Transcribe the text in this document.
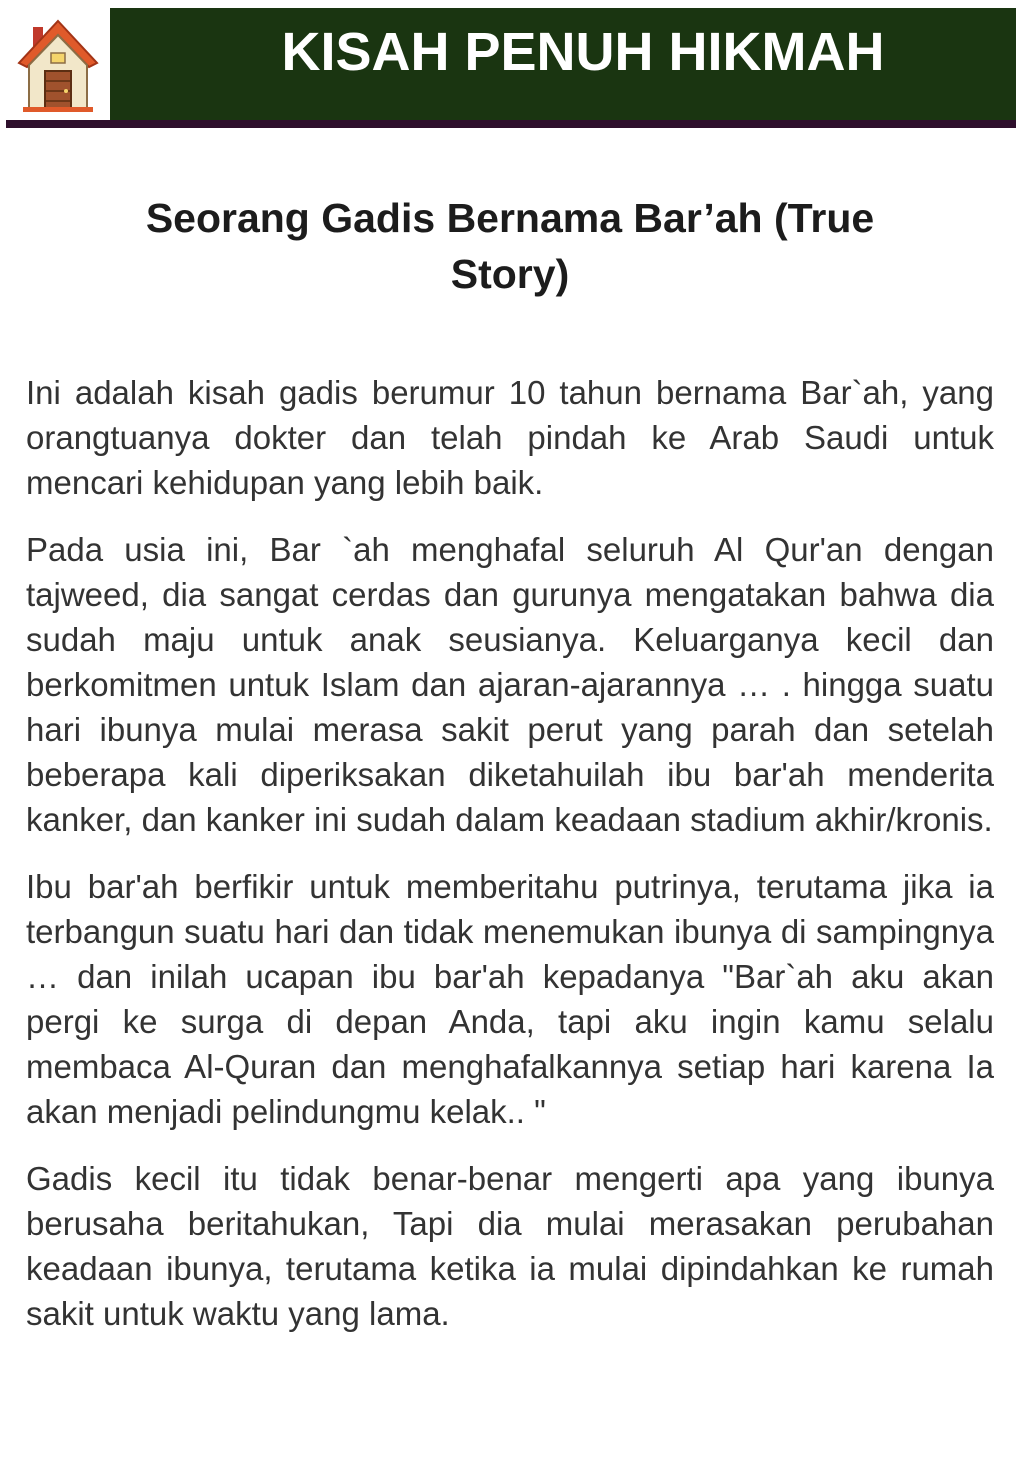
KISAH PENUH HIKMAH
Seorang Gadis Bernama Bar’ah (True Story)

Ini adalah kisah gadis berumur 10 tahun bernama Bar`ah, yang orangtuanya dokter dan telah pindah ke Arab Saudi untuk mencari kehidupan yang lebih baik.

Pada usia ini, Bar `ah menghafal seluruh Al Qur'an dengan tajweed, dia sangat cerdas dan gurunya mengatakan bahwa dia sudah maju untuk anak seusianya. Keluarganya kecil dan berkomitmen untuk Islam dan ajaran-ajarannya … . hingga suatu hari ibunya mulai merasa sakit perut yang parah dan setelah beberapa kali diperiksakan diketahuilah ibu bar'ah menderita kanker, dan kanker ini sudah dalam keadaan stadium akhir/kronis.

Ibu bar'ah berfikir untuk memberitahu putrinya, terutama jika ia terbangun suatu hari dan tidak menemukan ibunya di sampingnya … dan inilah ucapan ibu bar'ah kepadanya "Bar`ah aku akan pergi ke surga di depan Anda, tapi aku ingin kamu selalu membaca Al-Quran dan menghafalkannya setiap hari karena Ia akan menjadi pelindungmu kelak.. "

Gadis kecil itu tidak benar-benar mengerti apa yang ibunya berusaha beritahukan, Tapi dia mulai merasakan perubahan keadaan ibunya, terutama ketika ia mulai dipindahkan ke rumah sakit untuk waktu yang lama.
